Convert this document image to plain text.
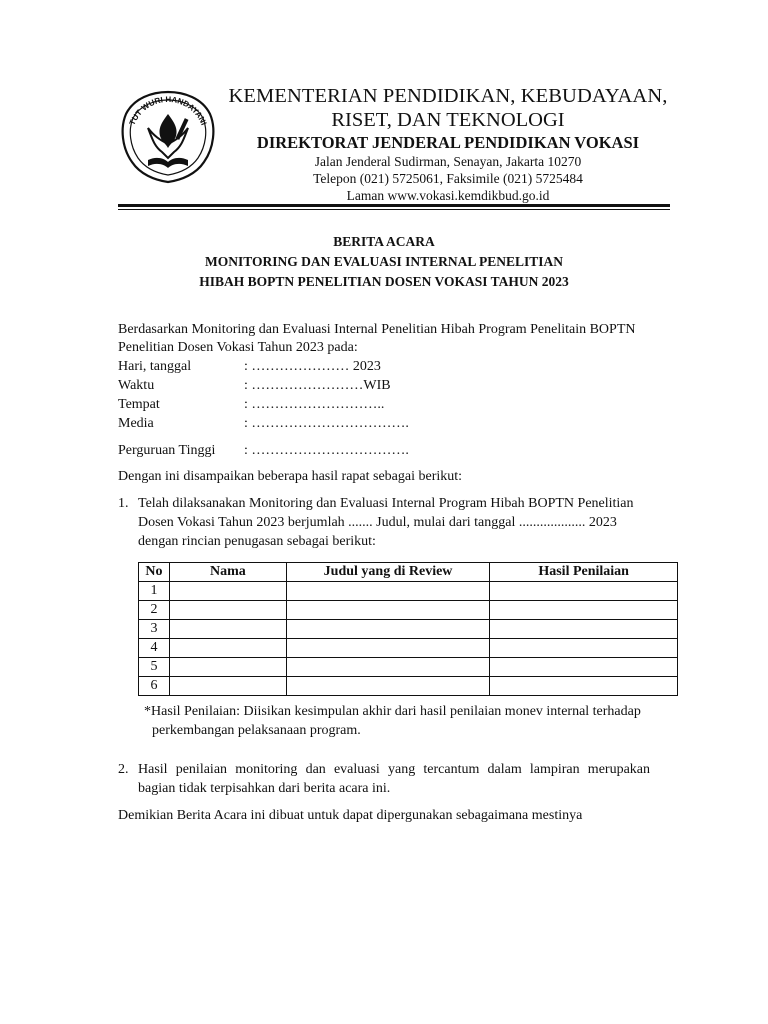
TUT WURI HANDAYANI
KEMENTERIAN PENDIDIKAN, KEBUDAYAAN,
RISET, DAN TEKNOLOGI
DIREKTORAT JENDERAL PENDIDIKAN VOKASI
Jalan Jenderal Sudirman, Senayan, Jakarta 10270
Telepon (021) 5725061, Faksimile (021) 5725484
Laman www.vokasi.kemdikbud.go.id
BERITA ACARA
MONITORING DAN EVALUASI INTERNAL PENELITIAN
HIBAH BOPTN PENELITIAN DOSEN VOKASI TAHUN 2023
Berdasarkan Monitoring dan Evaluasi Internal Penelitian Hibah Program Penelitain BOPTN
Penelitian Dosen Vokasi Tahun 2023 pada:
Hari, tanggal	: ………………… 2023
Waktu	: ……………………WIB
Tempat	: ………………………..
Media	: …………………………….
Perguruan Tinggi : …………………………….
Dengan ini disampaikan beberapa hasil rapat sebagai berikut:
1. Telah dilaksanakan Monitoring dan Evaluasi Internal Program Hibah BOPTN Penelitian
Dosen Vokasi Tahun 2023 berjumlah ....... Judul, mulai dari tanggal ................... 2023
dengan rincian penugasan sebagai berikut:
No	Nama	Judul yang di Review	Hasil Penilaian
1			
2			
3			
4			
5			
6			
*Hasil Penilaian: Diisikan kesimpulan akhir dari hasil penilaian monev internal terhadap
perkembangan pelaksanaan program.
2. Hasil penilaian monitoring dan evaluasi yang tercantum dalam lampiran merupakan
bagian tidak terpisahkan dari berita acara ini.
Demikian Berita Acara ini dibuat untuk dapat dipergunakan sebagaimana mestinya
